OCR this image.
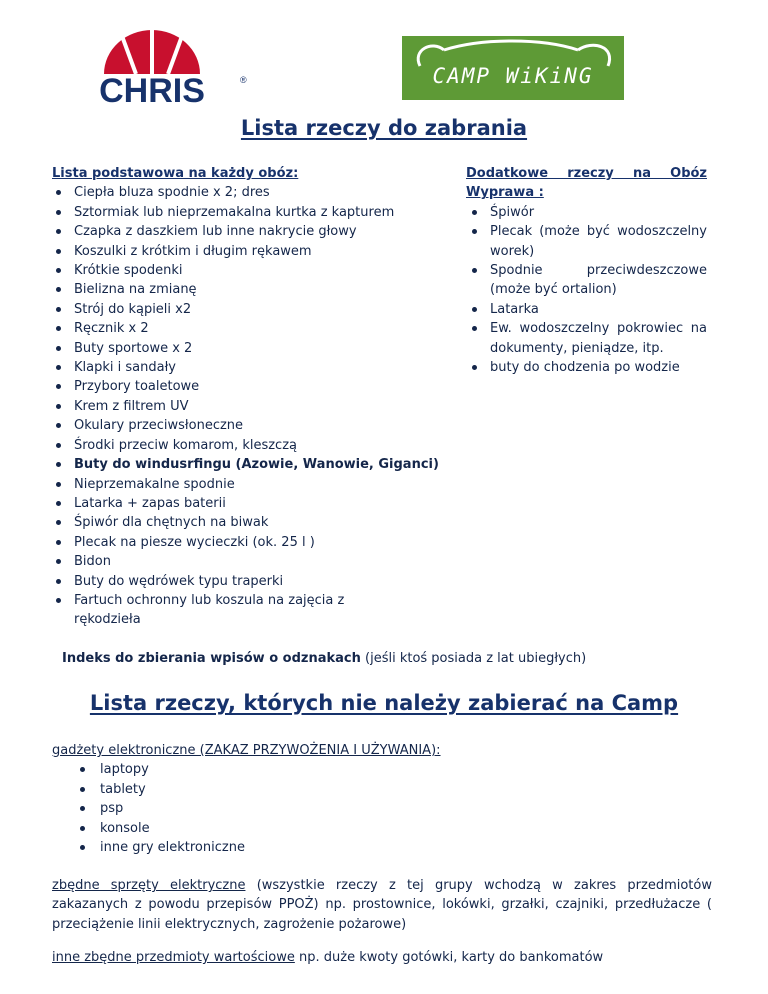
CHRIS	®	CAMP WiKiNG
Lista rzeczy do zabrania
Lista podstawowa na każdy obóz:
Ciepła bluza spodnie x 2; dres
Sztormiak lub nieprzemakalna kurtka z kapturem
Czapka z daszkiem lub inne nakrycie głowy
Koszulki z krótkim i długim rękawem
Krótkie spodenki
Bielizna na zmianę
Strój do kąpieli x2
Ręcznik x 2
Buty sportowe x 2
Klapki i sandały
Przybory toaletowe
Krem z filtrem UV
Okulary przeciwsłoneczne
Środki przeciw komarom, kleszczą
Buty do windusrfingu (Azowie, Wanowie, Giganci)
Nieprzemakalne spodnie
Latarka + zapas baterii
Śpiwór dla chętnych na biwak
Plecak na piesze wycieczki (ok. 25 l )
Bidon
Buty do wędrówek typu traperki
Fartuch ochronny lub koszula na zajęcia z rękodzieła
Dodatkowe rzeczy na Obóz
Wyprawa :
Śpiwór
Plecak (może być wodoszczelny worek)
Spodnie przeciwdeszczowe (może być ortalion)
Latarka
Ew. wodoszczelny pokrowiec na dokumenty, pieniądze, itp.
buty do chodzenia po wodzie
Indeks do zbierania wpisów o odznakach (jeśli ktoś posiada z lat ubiegłych)
Lista rzeczy, których nie należy zabierać na Camp
gadżety elektroniczne (ZAKAZ PRZYWOŻENIA I UŻYWANIA):
laptopy
tablety
psp
konsole
inne gry elektroniczne
zbędne sprzęty elektryczne (wszystkie rzeczy z tej grupy wchodzą w zakres przedmiotów zakazanych z powodu przepisów PPOŻ) np. prostownice, lokówki, grzałki, czajniki, przedłużacze ( przeciążenie linii elektrycznych, zagrożenie pożarowe)
inne zbędne przedmioty wartościowe np. duże kwoty gotówki, karty do bankomatów
